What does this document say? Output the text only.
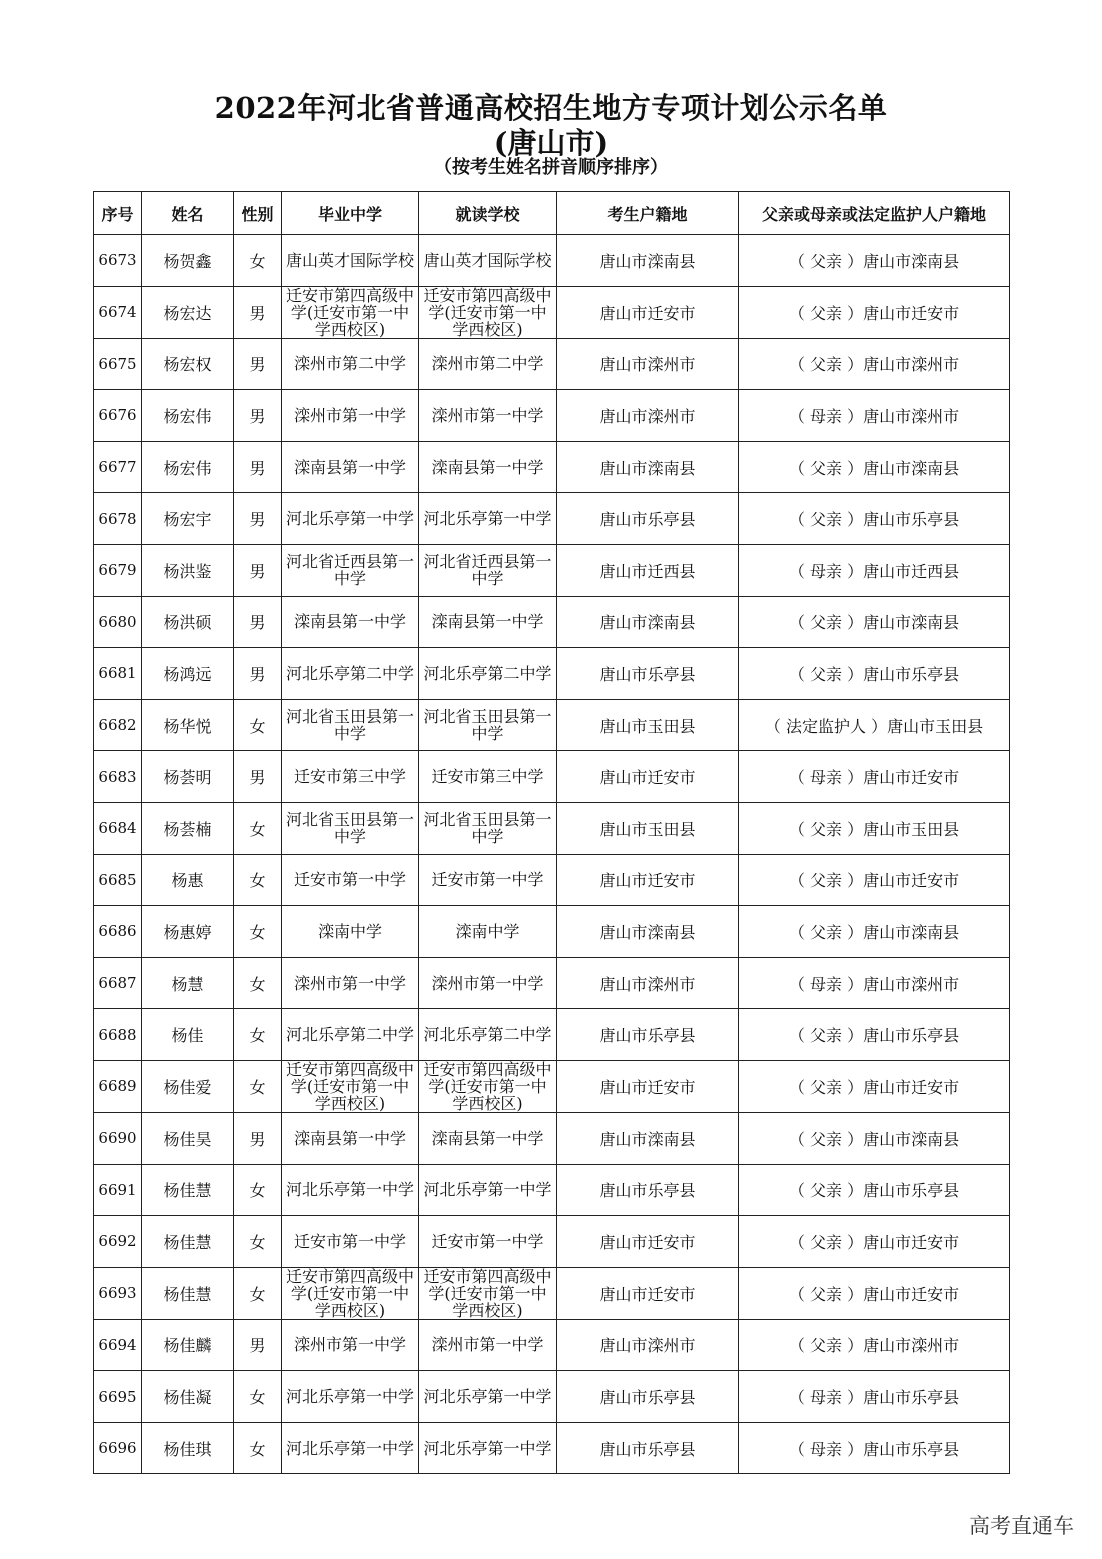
2022年河北省普通高校招生地方专项计划公示名单
(唐山市)
（按考生姓名拼音顺序排序）
序号	姓名	性别	毕业中学	就读学校	考生户籍地	父亲或母亲或法定监护人户籍地
6673	杨贺鑫	女	唐山英才国际学校	唐山英才国际学校	唐山市滦南县	（ 父亲 ）唐山市滦南县
6674	杨宏达	男	迁安市第四高级中学(迁安市第一中学西校区)	迁安市第四高级中学(迁安市第一中学西校区)	唐山市迁安市	（ 父亲 ）唐山市迁安市
6675	杨宏权	男	滦州市第二中学	滦州市第二中学	唐山市滦州市	（ 父亲 ）唐山市滦州市
6676	杨宏伟	男	滦州市第一中学	滦州市第一中学	唐山市滦州市	（ 母亲 ）唐山市滦州市
6677	杨宏伟	男	滦南县第一中学	滦南县第一中学	唐山市滦南县	（ 父亲 ）唐山市滦南县
6678	杨宏宇	男	河北乐亭第一中学	河北乐亭第一中学	唐山市乐亭县	（ 父亲 ）唐山市乐亭县
6679	杨洪鉴	男	河北省迁西县第一中学	河北省迁西县第一中学	唐山市迁西县	（ 母亲 ）唐山市迁西县
6680	杨洪硕	男	滦南县第一中学	滦南县第一中学	唐山市滦南县	（ 父亲 ）唐山市滦南县
6681	杨鸿远	男	河北乐亭第二中学	河北乐亭第二中学	唐山市乐亭县	（ 父亲 ）唐山市乐亭县
6682	杨华悦	女	河北省玉田县第一中学	河北省玉田县第一中学	唐山市玉田县	（ 法定监护人 ）唐山市玉田县
6683	杨荟明	男	迁安市第三中学	迁安市第三中学	唐山市迁安市	（ 母亲 ）唐山市迁安市
6684	杨荟楠	女	河北省玉田县第一中学	河北省玉田县第一中学	唐山市玉田县	（ 父亲 ）唐山市玉田县
6685	杨惠	女	迁安市第一中学	迁安市第一中学	唐山市迁安市	（ 父亲 ）唐山市迁安市
6686	杨惠婷	女	滦南中学	滦南中学	唐山市滦南县	（ 父亲 ）唐山市滦南县
6687	杨慧	女	滦州市第一中学	滦州市第一中学	唐山市滦州市	（ 母亲 ）唐山市滦州市
6688	杨佳	女	河北乐亭第二中学	河北乐亭第二中学	唐山市乐亭县	（ 父亲 ）唐山市乐亭县
6689	杨佳爱	女	迁安市第四高级中学(迁安市第一中学西校区)	迁安市第四高级中学(迁安市第一中学西校区)	唐山市迁安市	（ 父亲 ）唐山市迁安市
6690	杨佳昊	男	滦南县第一中学	滦南县第一中学	唐山市滦南县	（ 父亲 ）唐山市滦南县
6691	杨佳慧	女	河北乐亭第一中学	河北乐亭第一中学	唐山市乐亭县	（ 父亲 ）唐山市乐亭县
6692	杨佳慧	女	迁安市第一中学	迁安市第一中学	唐山市迁安市	（ 父亲 ）唐山市迁安市
6693	杨佳慧	女	迁安市第四高级中学(迁安市第一中学西校区)	迁安市第四高级中学(迁安市第一中学西校区)	唐山市迁安市	（ 父亲 ）唐山市迁安市
6694	杨佳麟	男	滦州市第一中学	滦州市第一中学	唐山市滦州市	（ 父亲 ）唐山市滦州市
6695	杨佳凝	女	河北乐亭第一中学	河北乐亭第一中学	唐山市乐亭县	（ 母亲 ）唐山市乐亭县
6696	杨佳琪	女	河北乐亭第一中学	河北乐亭第一中学	唐山市乐亭县	（ 母亲 ）唐山市乐亭县
高考直通车
